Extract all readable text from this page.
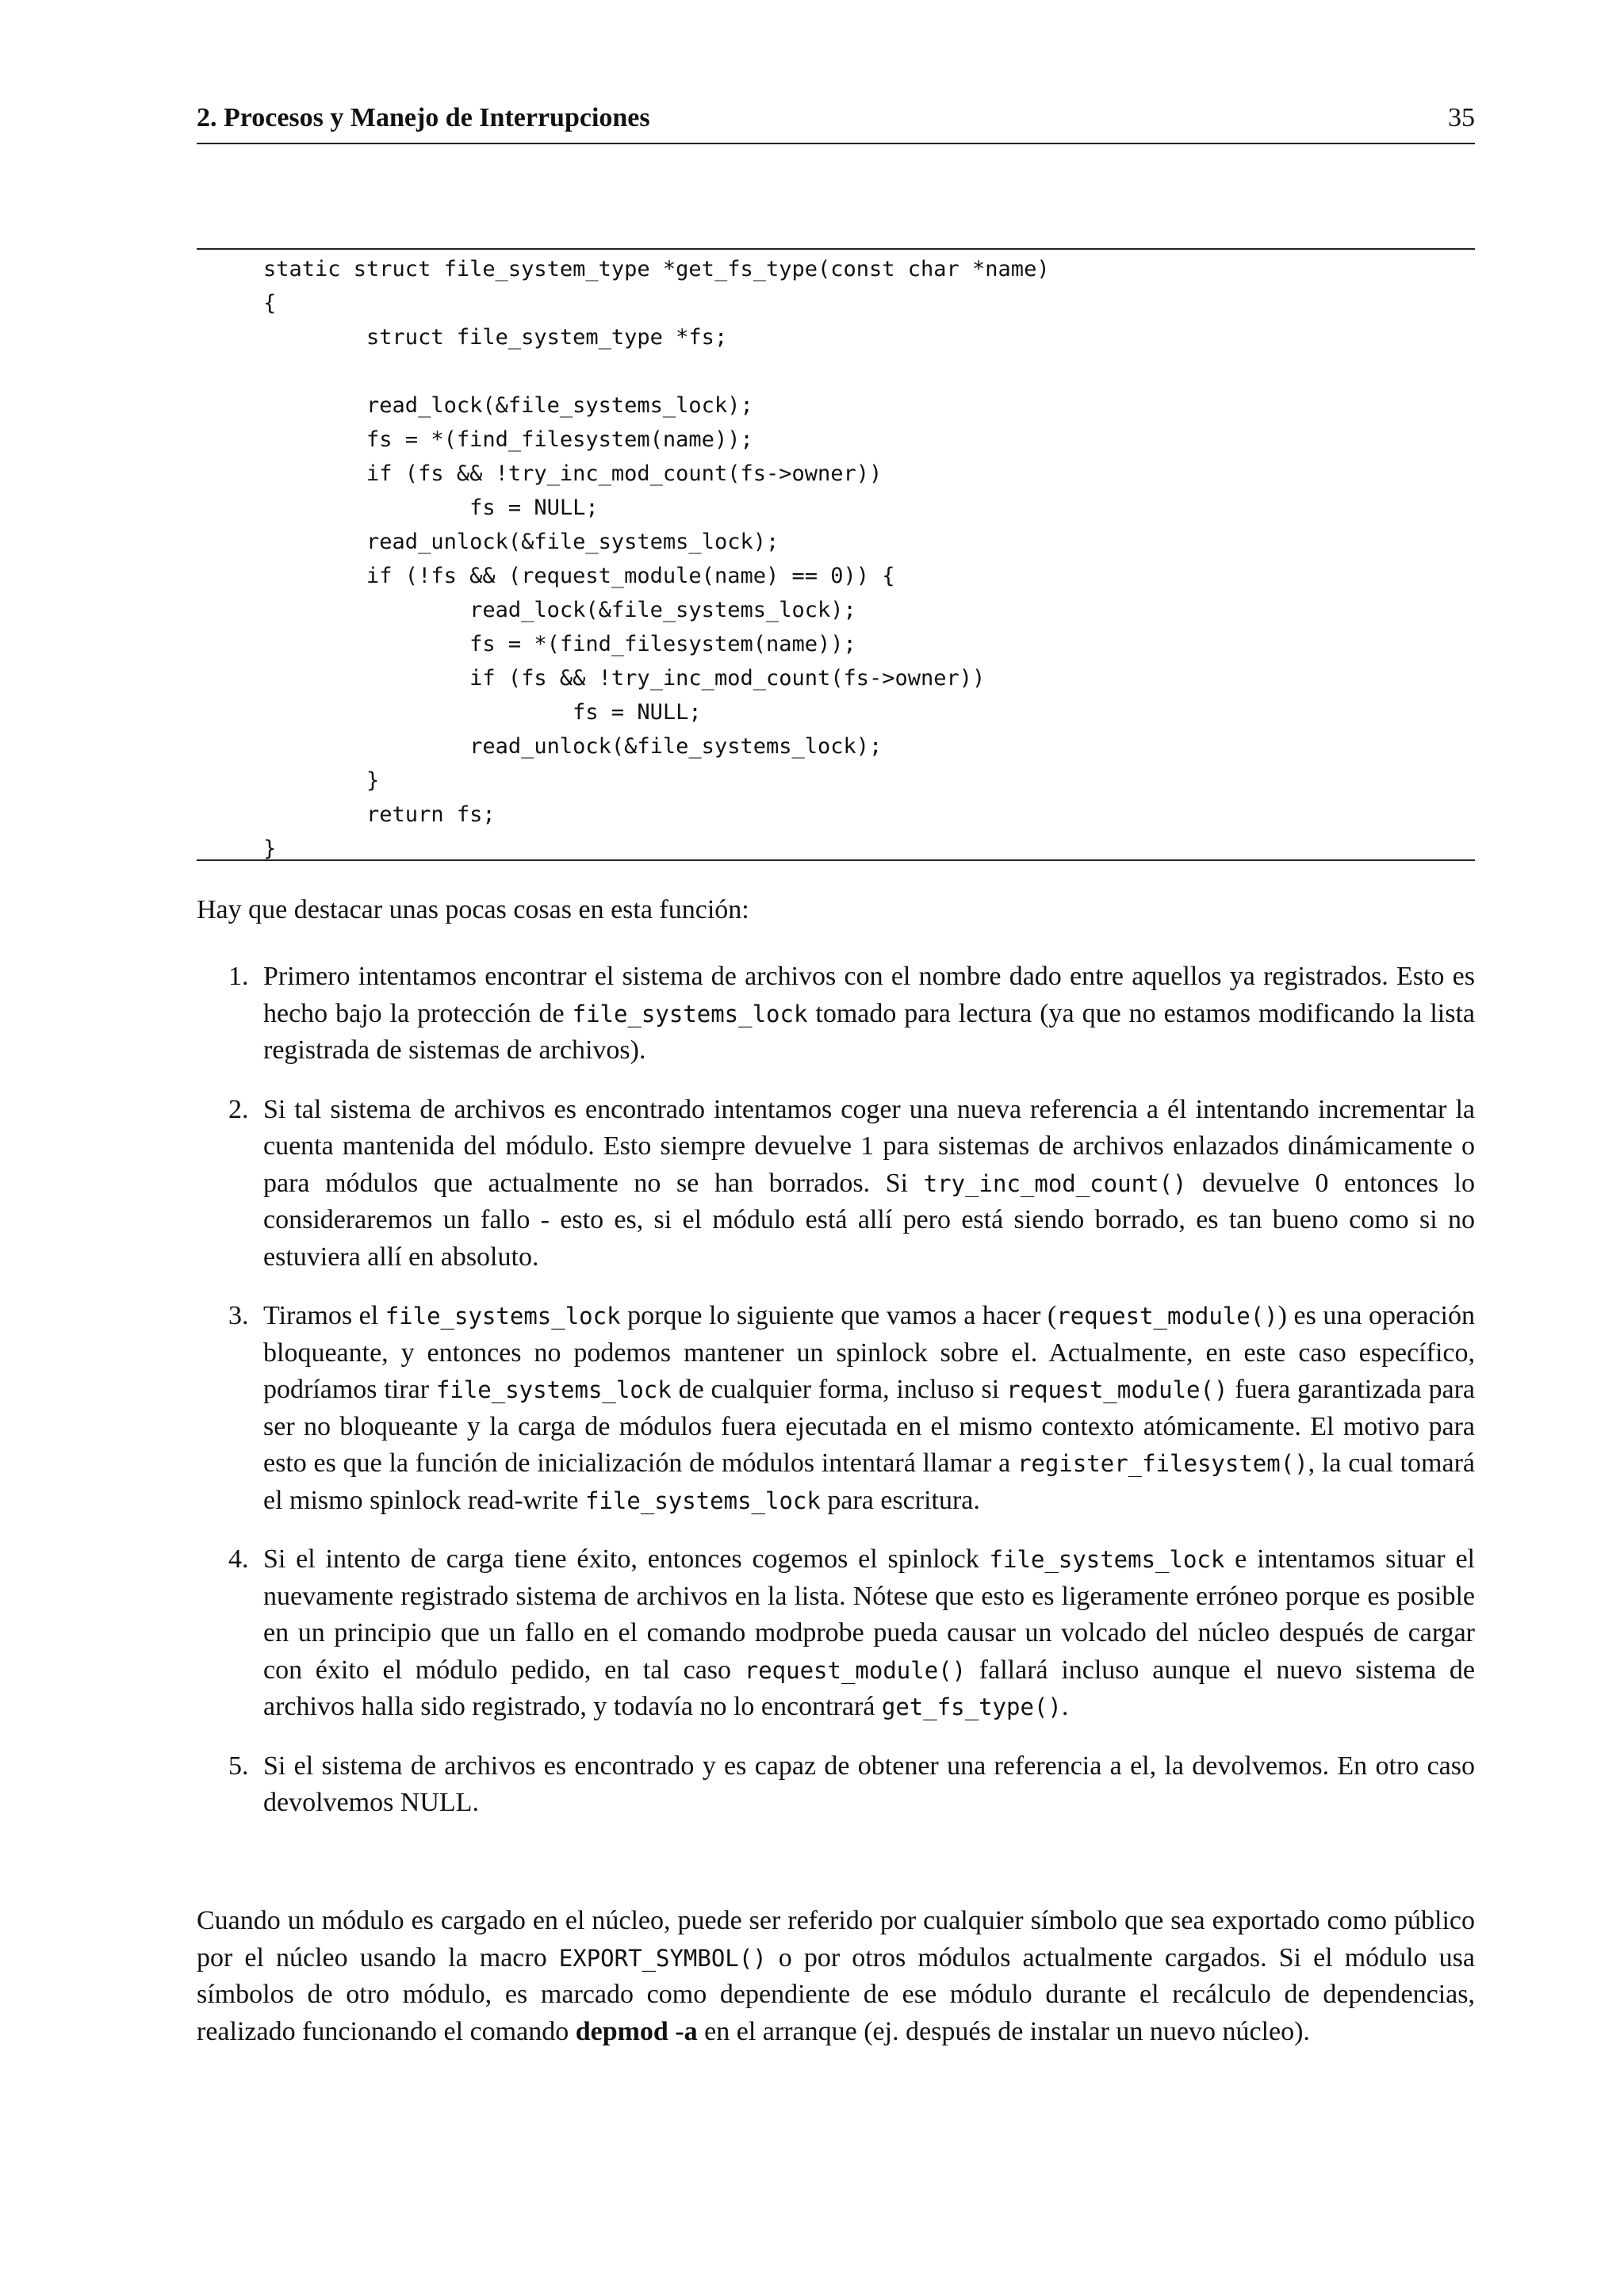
2. Procesos y Manejo de Interrupciones	35
static struct file_system_type *get_fs_type(const char *name)
{
struct file_system_type *fs;

read_lock(&file_systems_lock);
fs = *(find_filesystem(name));
if (fs && !try_inc_mod_count(fs->owner))
fs = NULL;
read_unlock(&file_systems_lock);
if (!fs && (request_module(name) == 0)) {
read_lock(&file_systems_lock);
fs = *(find_filesystem(name));
if (fs && !try_inc_mod_count(fs->owner))
fs = NULL;
read_unlock(&file_systems_lock);
}
return fs;
}

Hay que destacar unas pocas cosas en esta función:

1. Primero intentamos encontrar el sistema de archivos con el nombre dado entre aquellos ya registrados. Esto es hecho bajo la protección de file_systems_lock tomado para lectura (ya que no estamos modificando la lista registrada de sistemas de archivos).
2. Si tal sistema de archivos es encontrado intentamos coger una nueva referencia a él intentando incrementar la cuenta mantenida del módulo. Esto siempre devuelve 1 para sistemas de archivos enlazados dinámicamente o para módulos que actualmente no se han borrados. Si try_inc_mod_count() devuelve 0 entonces lo consideraremos un fallo - esto es, si el módulo está allí pero está siendo borrado, es tan bueno como si no estuviera allí en absoluto.
3. Tiramos el file_systems_lock porque lo siguiente que vamos a hacer (request_module()) es una operación bloqueante, y entonces no podemos mantener un spinlock sobre el. Actualmente, en este caso específico, podríamos tirar file_systems_lock de cualquier forma, incluso si request_module() fuera garantizada para ser no bloqueante y la carga de módulos fuera ejecutada en el mismo contexto atómicamente. El motivo para esto es que la función de inicialización de módulos intentará llamar a register_filesystem(), la cual tomará el mismo spinlock read-write file_systems_lock para escritura.
4. Si el intento de carga tiene éxito, entonces cogemos el spinlock file_systems_lock e intentamos situar el nuevamente registrado sistema de archivos en la lista. Nótese que esto es ligeramente erróneo porque es posible en un principio que un fallo en el comando modprobe pueda causar un volcado del núcleo después de cargar con éxito el módulo pedido, en tal caso request_module() fallará incluso aunque el nuevo sistema de archivos halla sido registrado, y todavía no lo encontrará get_fs_type().
5. Si el sistema de archivos es encontrado y es capaz de obtener una referencia a el, la devolvemos. En otro caso devolvemos NULL.

Cuando un módulo es cargado en el núcleo, puede ser referido por cualquier símbolo que sea exportado como público por el núcleo usando la macro EXPORT_SYMBOL() o por otros módulos actualmente cargados. Si el módulo usa símbolos de otro módulo, es marcado como dependiente de ese módulo durante el recálculo de dependencias, realizado funcionando el comando depmod -a en el arranque (ej. después de instalar un nuevo núcleo).
